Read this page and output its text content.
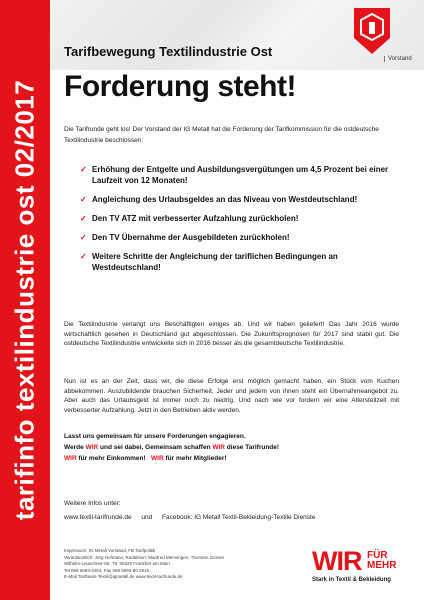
tarifinfo textilindustrie ost 02/2017
Vorstand
Tarifbewegung Textilindustrie Ost
Forderung steht!

Die Tarifrunde geht los! Der Vorstand der IG Metall hat die Forderung der Tarifkommission für die ostdeutsche Textilindustrie beschlossen:

✓ Erhöhung der Entgelte und Ausbildungsvergütungen um 4,5 Prozent bei einer Laufzeit von 12 Monaten!
✓ Angleichung des Urlaubsgeldes an das Niveau von Westdeutschland!
✓ Den TV ATZ mit verbesserter Aufzahlung zurückholen!
✓ Den TV Übernahme der Ausgebildeten zurückholen!
✓ Weitere Schritte der Angleichung der tariflichen Bedingungen an Westdeutschland!

Die Textilindustrie verlangt uns Beschäftigten einiges ab. Und wir haben geliefert! Das Jahr 2016 wurde wirtschaftlich gesehen in Deutschland gut abgeschlossen. Die Zukunftsprognosen für 2017 sind stabil gut. Die ostdeutsche Textilindustrie entwickelte sich in 2016 besser als die gesamtdeutsche Textilindustrie.

Nun ist es an der Zeit, dass wir, die diese Erfolge erst möglich gemacht haben, ein Stück vom Kuchen abbekommen. Auszubildende brauchen Sicherheit. Jeder und jedem von ihnen steht ein Übernahmeangebot zu. Aber auch das Urlaubsgeld ist immer noch zu niedrig. Und nach wie vor fordern wir eine Altersteilzeit mit verbesserter Aufzahlung. Jetzt in den Betrieben aktiv werden.

Lasst uns gemeinsam für unsere Forderungen engagieren.
Werde WIR und sei dabei, Gemeinsam schaffen WIR diese Tarifrunde!
WIR für mehr Einkommen!   WIR für mehr Mitglieder!
Weitere Infos unter:
www.textil-tarifrunde.de und Facebook: IG Metall Textil-Bekleidung-Textile Dienste
Impressum: IG Metall Vorstand, FB Tarifpolitik
Verantwortlich: Jörg Hofmann, Redaktion: Manfred Menningen, Thorsten Gesser
Wilhelm-Leuschner-Str. 79, 60329 Frankfurt am Main
Tel 069 6693-2464, Fax 069 6693-80 2915
E-Mail Tarifteam-Textil@igmetall.de www.textil-tarifrunde.de
WIR FÜR
MEHR
Stark in Textil & Bekleidung
